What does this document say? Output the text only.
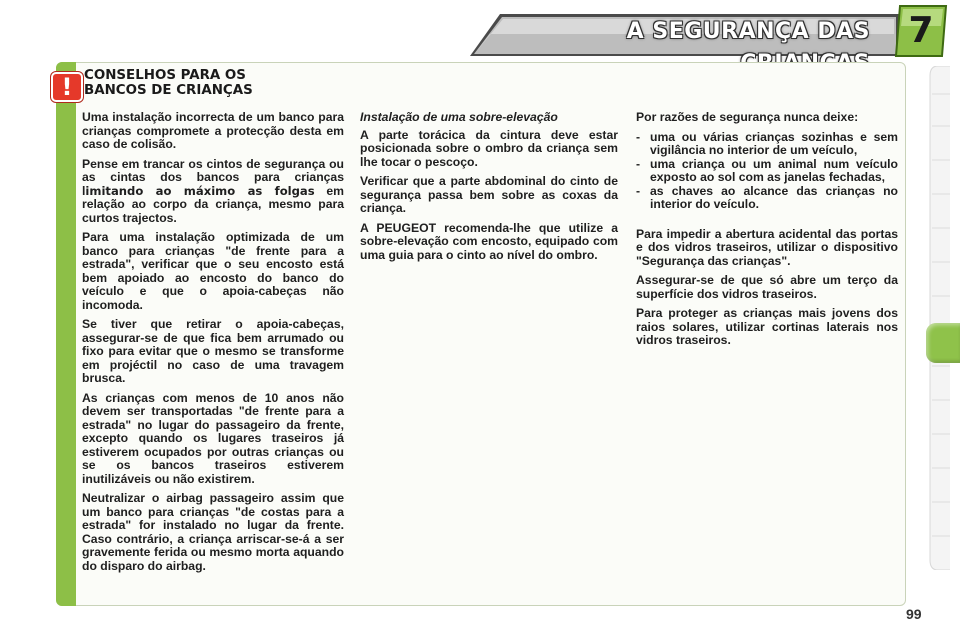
A SEGURANÇA DAS	7
! CONSELHOS PARA OS
BANCOS DE CRIANÇAS

Uma instalação incorrecta de um banco para crianças compromete a protecção desta em caso de colisão.

Pense em trancar os cintos de segurança ou as cintas dos bancos para crianças limitando ao máximo as folgas em relação ao corpo da criança, mesmo para curtos trajectos.

Para uma instalação optimizada de um banco para crianças "de frente para a estrada", verificar que o seu encosto está bem apoiado ao encosto do banco do veículo e que o apoia-cabeças não incomoda.

Se tiver que retirar o apoia-cabeças, assegurar-se de que fica bem arrumado ou fixo para evitar que o mesmo se transforme em projéctil no caso de uma travagem brusca.

As crianças com menos de 10 anos não devem ser transportadas "de frente para a estrada" no lugar do passageiro da frente, excepto quando os lugares traseiros já estiverem ocupados por outras crianças ou se os bancos traseiros estiverem inutilizáveis ou não existirem.

Neutralizar o airbag passageiro assim que um banco para crianças "de costas para a estrada" for instalado no lugar da frente. Caso contrário, a criança arriscar-se-á a ser gravemente ferida ou mesmo morta aquando do disparo do airbag.

Instalação de uma sobre-elevação

A parte torácica da cintura deve estar posicionada sobre o ombro da criança sem lhe tocar o pescoço.

Verificar que a parte abdominal do cinto de segurança passa bem sobre as coxas da criança.

A PEUGEOT recomenda-lhe que utilize a sobre-elevação com encosto, equipado com uma guia para o cinto ao nível do ombro.

Por razões de segurança nunca deixe:

- uma ou várias crianças sozinhas e sem vigilância no interior de um veículo,
- uma criança ou um animal num veículo exposto ao sol com as janelas fechadas,
- as chaves ao alcance das crianças no interior do veículo.

Para impedir a abertura acidental das portas e dos vidros traseiros, utilizar o dispositivo "Segurança das crianças".

Assegurar-se de que só abre um terço da superfície dos vidros traseiros.

Para proteger as crianças mais jovens dos raios solares, utilizar cortinas laterais nos vidros traseiros.

99
